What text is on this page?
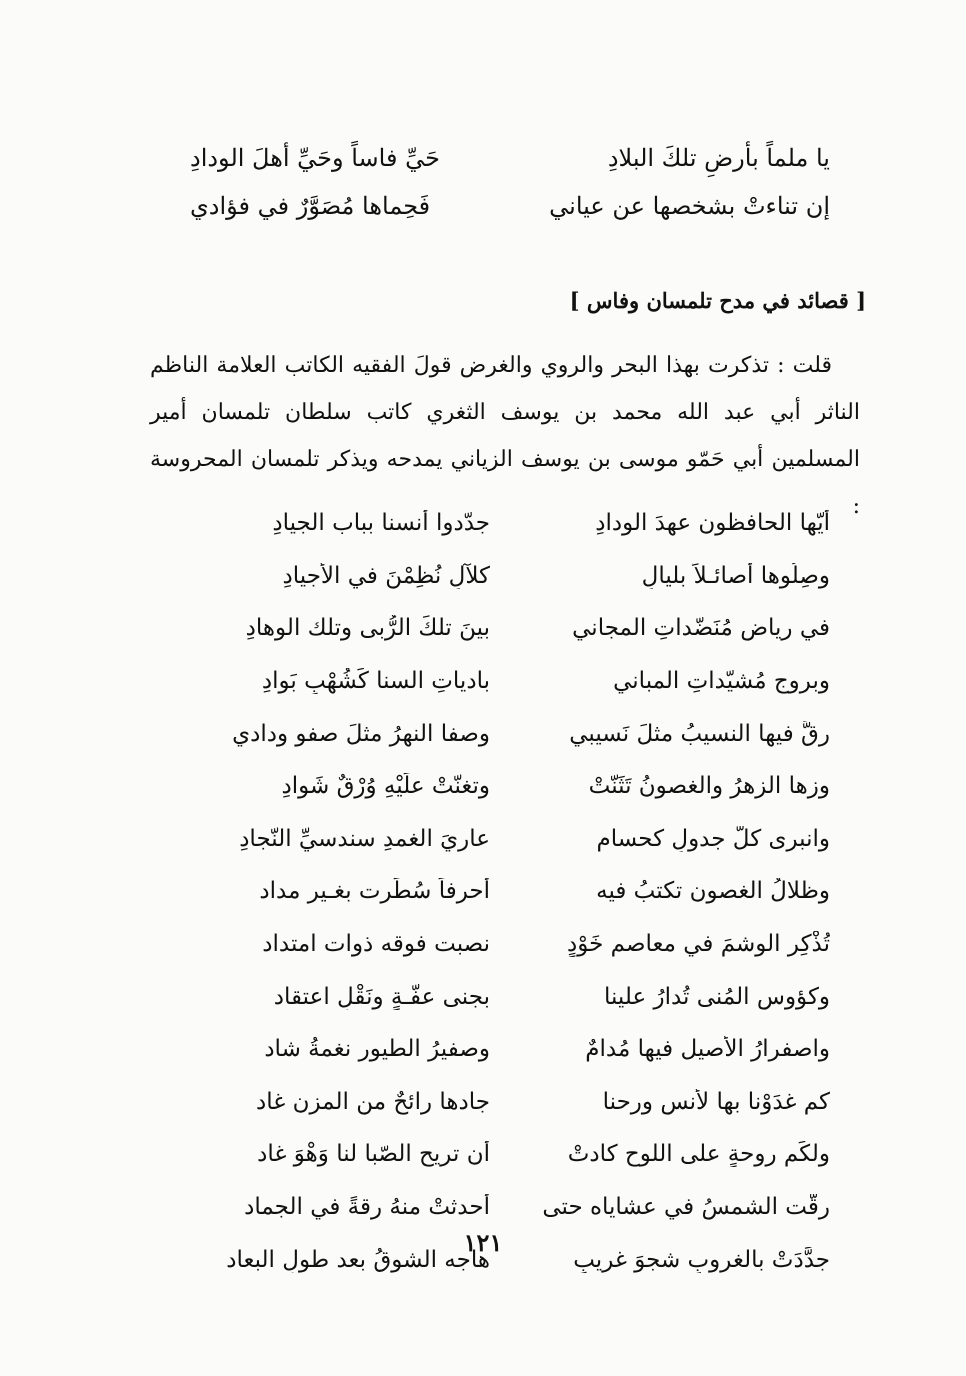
يا ملماً بأرضِ تلكَ البلادِ
حَيِّ فاساً وحَيِّ أهلَ الودادِ
إن تناءتْ بشخصها عن عياني
فَحِماها مُصَوَّرٌ في فؤادي
[ قصائد في مدح تلمسان وفاس ]

قلت : تذكرت بهذا البحر والروي والغرض قولَ الفقيه الكاتب العلامة الناظم الناثر أبي عبد الله محمد بن يوسف الثغري كاتب سلطان تلمسان أمير المسلمين أبي حَمّو موسى بن يوسف الزياني يمدحه ويذكر تلمسان المحروسة :

أيّها الحافظون عهدَ الودادِ
جدّدوا أُنسنا بباب الجيادِ
وصِلُوها أصائـلاً بليالٍ
كلآلٍ نُظِمْنَ في الأجيادِ
في رياضٍ مُنَضّداتِ المجاني
بينَ تلكَ الرُّبى وتلك الوهادِ
وبروجٍ مُشيّداتِ المباني
بادياتِ السنا كَشُهْبٍ بَوادِ
رقَّ فيها النسيبُ مثلَ نَسيبي
وصفا النهرُ مثلَ صفوِ ودادي
وزها الزهرُ والغصونُ تَثَنّتْ
وتغنّتْ علَيْهِ وُرْقٌ شَوادِ
وانبرى كلُّ جدولٍ كحسامٍ
عاريَ الغمدِ سندسيِّ النّجادِ
وظلالُ الغصون تكتبُ فيه
أحرفاً سُطِّرت بغـير مداد
تُذْكِر الوشمَ في معاصمِ خَوْدٍ
نصبت فوقه ذوات امتداد
وكؤوس المُنى تُدارُ علينا
بجنى عفّـةٍ ونَقْلِ اعتقاد
واصفرارُ الأصيل فيها مُدامٌ
وصفيرُ الطيورِ نغمةُ شاد
كم غدَوْنا بها لأنسٍ ورحنا
جادها رائحٌ من المزن غاد
ولكَم روحةٍ على اللوح كادتْ
أن تريح الصّبا لنا وَهْوَ غاد
رقّت الشمسُ في عشاياه حتى
أحدثتْ منهُ رقةً في الجماد
جدَّدَتْ بالغروبِ شجوَ غريبٍ
هاجه الشوقُ بعد طولِ البعاد
١٢١
